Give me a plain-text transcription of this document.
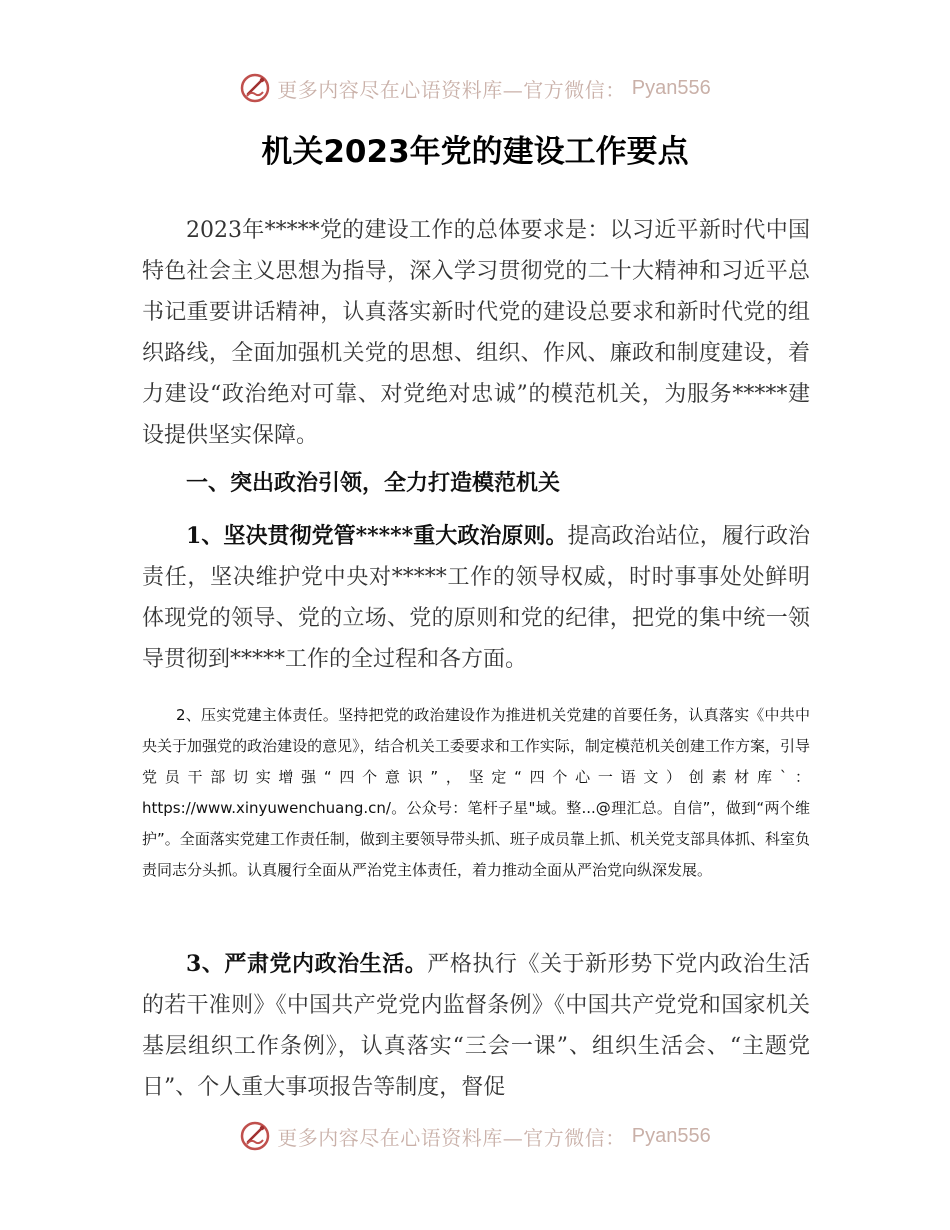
更多内容尽在心语资料库—官方微信： Pyan556
机关2023年党的建设工作要点

2023年*****党的建设工作的总体要求是：以习近平新时代中国特色社会主义思想为指导，深入学习贯彻党的二十大精神和习近平总书记重要讲话精神，认真落实新时代党的建设总要求和新时代党的组织路线，全面加强机关党的思想、组织、作风、廉政和制度建设，着力建设“政治绝对可靠、对党绝对忠诚”的模范机关，为服务*****建设提供坚实保障。

一、突出政治引领，全力打造模范机关

1、坚决贯彻党管*****重大政治原则。提高政治站位，履行政治责任，坚决维护党中央对*****工作的领导权威，时时事事处处鲜明体现党的领导、党的立场、党的原则和党的纪律，把党的集中统一领导贯彻到*****工作的全过程和各方面。

2、压实党建主体责任。坚持把党的政治建设作为推进机关党建的首要任务，认真落实《中共中央关于加强党的政治建设的意见》，结合机关工委要求和工作实际，制定模范机关创建工作方案，引导党员干部切实增强“四个意识”，坚定“四个心一语文）创素材库`：https://www.xinyuwenchuang.cn/。公众号：笔杆子星"域。整...@理汇总。自信”，做到“两个维护”。全面落实党建工作责任制，做到主要领导带头抓、班子成员靠上抓、机关党支部具体抓、科室负责同志分头抓。认真履行全面从严治党主体责任，着力推动全面从严治党向纵深发展。

3、严肃党内政治生活。严格执行《关于新形势下党内政治生活的若干准则》《中国共产党党内监督条例》《中国共产党党和国家机关基层组织工作条例》，认真落实“三会一课”、组织生活会、“主题党日”、个人重大事项报告等制度，督促

更多内容尽在心语资料库—官方微信： Pyan556
